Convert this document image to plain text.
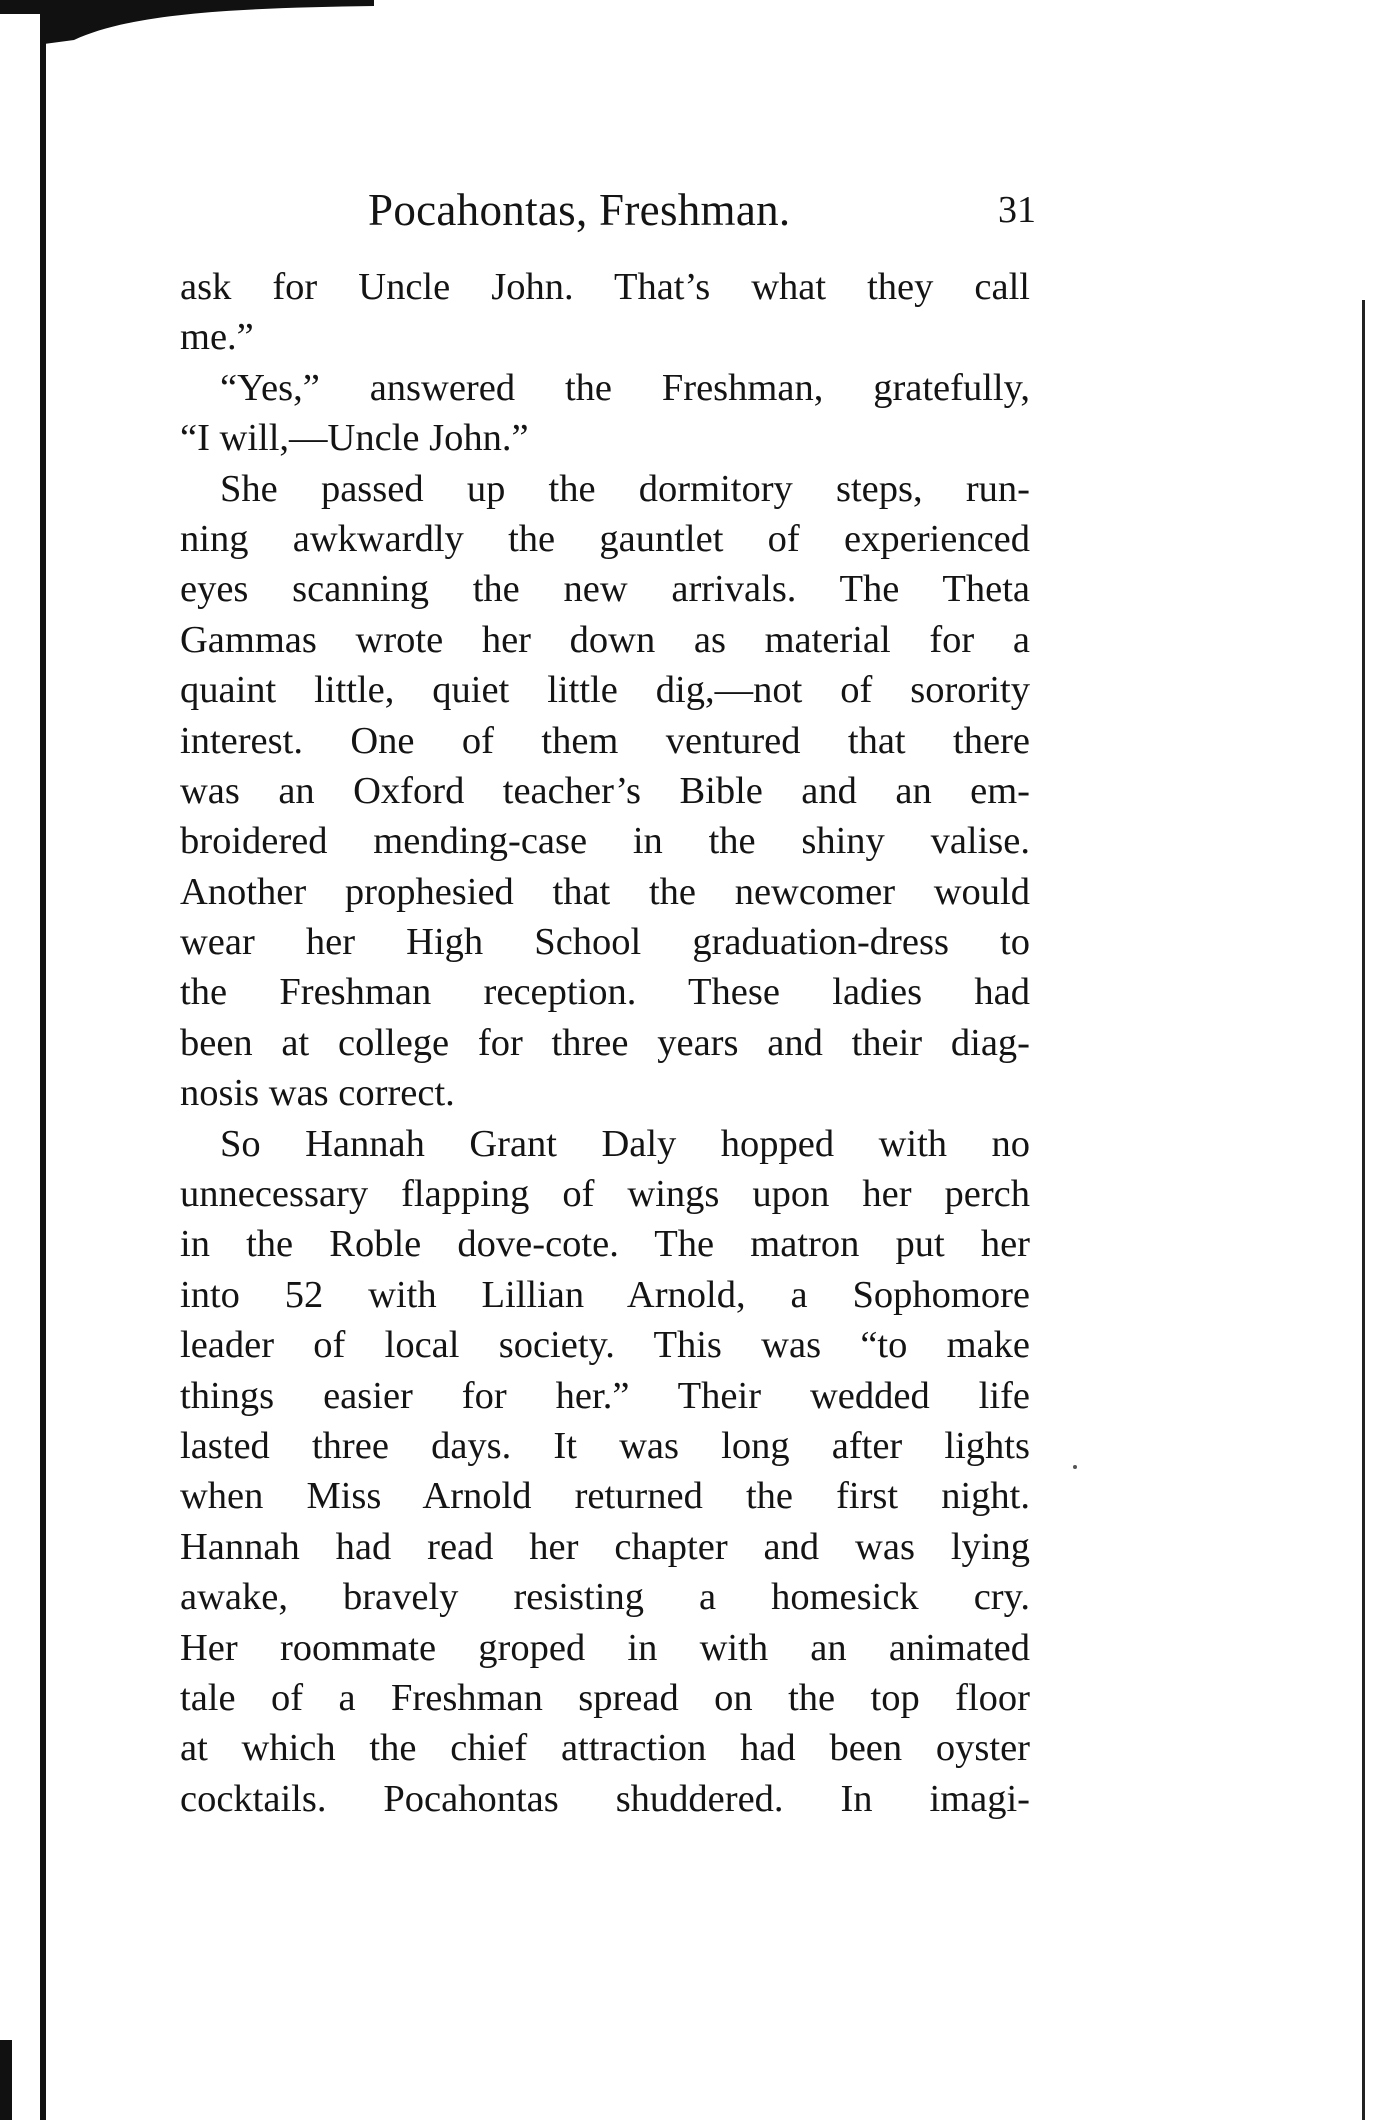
Pocahontas, Freshman.	31
ask for Uncle John. That’s what they call
me.”
“Yes,” answered the Freshman, gratefully,
“I will,—Uncle John.”
She passed up the dormitory steps, run-
ning awkwardly the gauntlet of experienced
eyes scanning the new arrivals. The Theta
Gammas wrote her down as material for a
quaint little, quiet little dig,—not of sorority
interest. One of them ventured that there
was an Oxford teacher’s Bible and an em-
broidered mending-case in the shiny valise.
Another prophesied that the newcomer would
wear her High School graduation-dress to
the Freshman reception. These ladies had
been at college for three years and their diag-
nosis was correct.
So Hannah Grant Daly hopped with no
unnecessary flapping of wings upon her perch
in the Roble dove-cote. The matron put her
into 52 with Lillian Arnold, a Sophomore
leader of local society. This was “to make
things easier for her.” Their wedded life
lasted three days. It was long after lights
when Miss Arnold returned the first night.
Hannah had read her chapter and was lying
awake, bravely resisting a homesick cry.
Her roommate groped in with an animated
tale of a Freshman spread on the top floor
at which the chief attraction had been oyster
cocktails. Pocahontas shuddered. In imagi-
